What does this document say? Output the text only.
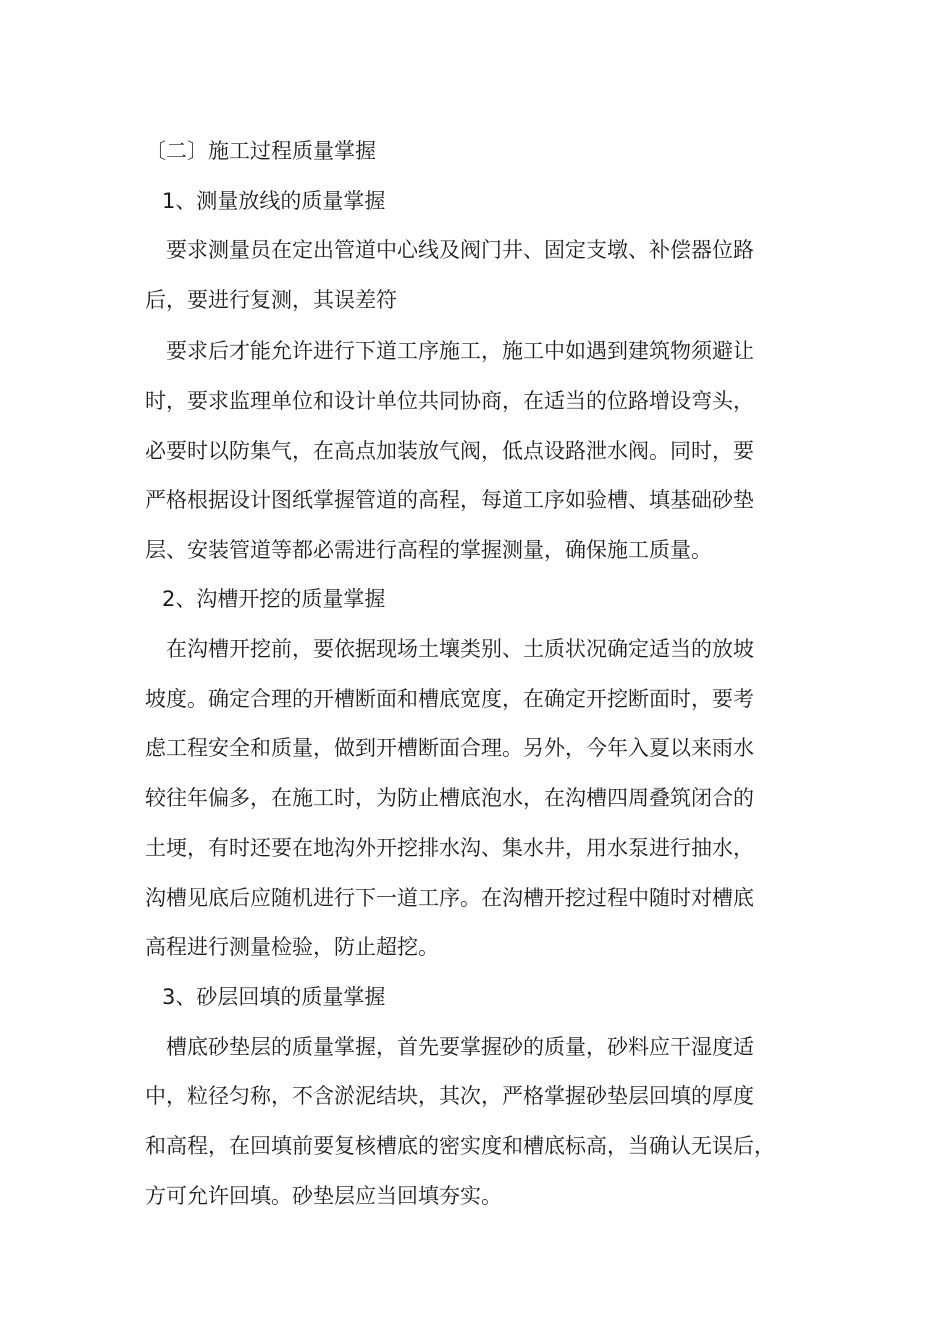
〔二〕施工过程质量掌握
1、测量放线的质量掌握
要求测量员在定出管道中心线及阀门井、固定支墩、补偿器位路
后，要进行复测，其误差符
要求后才能允许进行下道工序施工，施工中如遇到建筑物须避让
时，要求监理单位和设计单位共同协商，在适当的位路增设弯头，
必要时以防集气，在高点加装放气阀，低点设路泄水阀。同时，要
严格根据设计图纸掌握管道的高程，每道工序如验槽、填基础砂垫
层、安装管道等都必需进行高程的掌握测量，确保施工质量。
2、沟槽开挖的质量掌握
在沟槽开挖前，要依据现场土壤类别、土质状况确定适当的放坡
坡度。确定合理的开槽断面和槽底宽度，在确定开挖断面时，要考
虑工程安全和质量，做到开槽断面合理。另外，今年入夏以来雨水
较往年偏多，在施工时，为防止槽底泡水，在沟槽四周叠筑闭合的
土埂，有时还要在地沟外开挖排水沟、集水井，用水泵进行抽水，
沟槽见底后应随机进行下一道工序。在沟槽开挖过程中随时对槽底
高程进行测量检验，防止超挖。
3、砂层回填的质量掌握
槽底砂垫层的质量掌握，首先要掌握砂的质量，砂料应干湿度适
中，粒径匀称，不含淤泥结块，其次，严格掌握砂垫层回填的厚度
和高程，在回填前要复核槽底的密实度和槽底标高，当确认无误后，
方可允许回填。砂垫层应当回填夯实。
